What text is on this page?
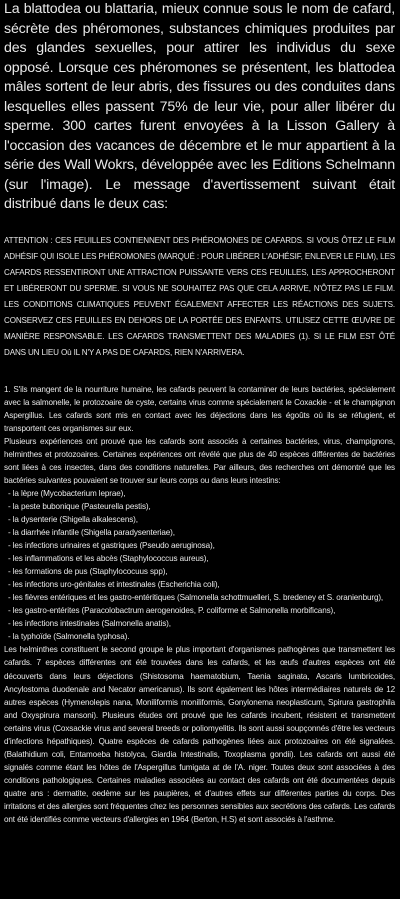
La blattodea ou blattaria, mieux connue sous le nom de cafard, sécrète des phéromones, substances chimiques produites par des glandes sexuelles, pour attirer les individus du sexe opposé. Lorsque ces phéromones se présentent, les blattodea mâles sortent de leur abris, des fissures ou des conduites dans lesquelles elles passent 75% de leur vie, pour aller libérer du sperme. 300 cartes furent envoyées à la Lisson Gallery à l'occasion des vacances de décembre et le mur appartient à la série des Wall Wokrs, développée avec les Editions Schelmann (sur l'image). Le message d'avertissement suivant était distribué dans le deux cas:

ATTENTION : CES FEUILLES CONTIENNENT DES PHÉROMONES DE CAFARDS. SI VOUS ÔTEZ LE FILM ADHÉSIF QUI ISOLE LES PHÉROMONES (MARQUÉ : POUR LIBÉRER L'ADHÉSIF, ENLEVER LE FILM), LES CAFARDS RESSENTIRONT UNE ATTRACTION PUISSANTE VERS CES FEUILLES, LES APPROCHERONT ET LIBÉRERONT DU SPERME. SI VOUS NE SOUHAITEZ PAS QUE CELA ARRIVE, N'ÔTEZ PAS LE FILM. LES CONDITIONS CLIMATIQUES PEUVENT ÉGALEMENT AFFECTER LES RÉACTIONS DES SUJETS. CONSERVEZ CES FEUILLES EN DEHORS DE LA PORTÉE DES ENFANTS. UTILISEZ CETTE ŒUVRE DE MANIÈRE RESPONSABLE. LES CAFARDS TRANSMETTENT DES MALADIES (1). SI LE FILM EST ÔTÉ DANS UN LIEU Où IL N'Y A PAS DE CAFARDS, RIEN N'ARRIVERA.

1. S'ils mangent de la nourriture humaine, les cafards peuvent la contaminer de leurs bactéries, spécialement avec la salmonelle, le protozoaire de cyste, certains virus comme spécialement le Coxackie - et le champignon Aspergillus. Les cafards sont mis en contact avec les déjections dans les égoûts où ils se réfugient, et transportent ces organismes sur eux.

Plusieurs expériences ont prouvé que les cafards sont associés à certaines bactéries, virus, champignons, helminthes et protozoaires. Certaines expériences ont révélé que plus de 40 espèces différentes de bactéries sont liées à ces insectes, dans des conditions naturelles. Par ailleurs, des recherches ont démontré que les bactéries suivantes pouvaient se trouver sur leurs corps ou dans leurs intestins:

- la lèpre (Mycobacterium leprae),
- la peste bubonique (Pasteurella pestis),
- la dysenterie (Shigella alkalescens),
- la diarrhée infantile (Shigella paradysenteriae),
- les infections urinaires et gastriques (Pseudo aeruginosa),
- les inflammations et les abcès (Staphylococcus aureus),
- les formations de pus (Staphylococuus spp),
- les infections uro-génitales et intestinales (Escherichia coli),
- les fièvres entériques et les gastro-entéritiques (Salmonella schottmuelleri, S. bredeney et S. oranienburg),
- les gastro-entérites (Paracolobactrum aerogenoides, P. coliforme et Salmonella morbificans),
- les infections intestinales (Salmonella anatis),
- la typhoïde (Salmonella typhosa).

Les helminthes constituent le second groupe le plus important d'organismes pathogènes que transmettent les cafards. 7 espèces différentes ont été trouvées dans les cafards, et les œufs d'autres espèces ont été découverts dans leurs déjections (Shistosoma haematobium, Taenia saginata, Ascaris lumbricoides, Ancylostoma duodenale and Necator americanus). Ils sont également les hôtes intermédiaires naturels de 12 autres espèces (Hymenolepis nana, Moniliformis moniliformis, Gonylonema neoplasticum, Spirura gastrophila and Oxyspirura mansoni). Plusieurs études ont prouvé que les cafards incubent, résistent et transmettent certains virus (Coxsackie virus and several breeds or poliomyelitis. Ils sont aussi soupçonnés d'être les vecteurs d'infections hépathiques). Quatre espèces de cafards pathogènes liées aux protozoaires on été signalées. (Balathidium coli, Entamoeba histolyca, Giardia Intestinalis, Toxoplasma gondii). Les cafards ont aussi été signalés comme étant les hôtes de l'Aspergillus fumigata at de l'A. niger. Toutes deux sont associées à des conditions pathologiques. Certaines maladies associées au contact des cafards ont été documentées depuis quatre ans : dermatite, oedème sur les paupières, et d'autres effets sur différentes parties du corps. Des irritations et des allergies sont fréquentes chez les personnes sensibles aux secrétions des cafards. Les cafards ont été identifiés comme vecteurs d'allergies en 1964 (Berton, H.S) et sont associés à l'asthme.
